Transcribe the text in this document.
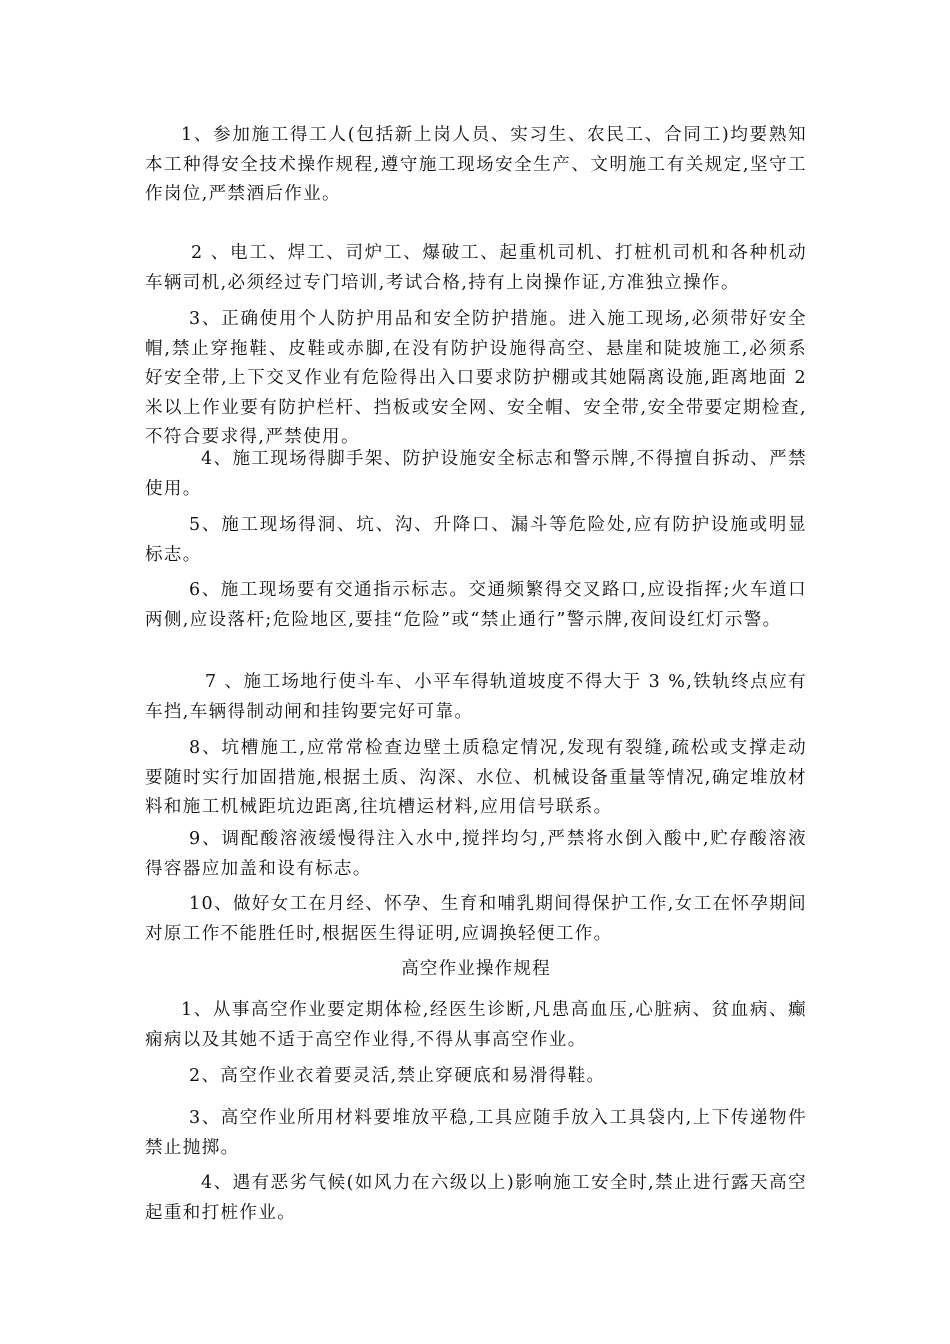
1、参加施工得工人(包括新上岗人员、实习生、农民工、合同工)均要熟知本工种得安全技术操作规程,遵守施工现场安全生产、文明施工有关规定,坚守工作岗位,严禁酒后作业。

2 、电工、焊工、司炉工、爆破工、起重机司机、打桩机司机和各种机动车辆司机,必须经过专门培训,考试合格,持有上岗操作证,方准独立操作。

3、正确使用个人防护用品和安全防护措施。进入施工现场,必须带好安全帽,禁止穿拖鞋、皮鞋或赤脚,在没有防护设施得高空、悬崖和陡坡施工,必须系好安全带,上下交叉作业有危险得出入口要求防护棚或其她隔离设施,距离地面 2 米以上作业要有防护栏杆、挡板或安全网、安全帽、安全带,安全带要定期检查,不符合要求得,严禁使用。

4、施工现场得脚手架、防护设施安全标志和警示牌,不得擅自拆动、严禁使用。

5、施工现场得洞、坑、沟、升降口、漏斗等危险处,应有防护设施或明显标志。

6、施工现场要有交通指示标志。交通频繁得交叉路口,应设指挥;火车道口两侧,应设落杆;危险地区,要挂“危险”或“禁止通行”警示牌,夜间设红灯示警。

7 、施工场地行使斗车、小平车得轨道坡度不得大于 3 %,铁轨终点应有车挡,车辆得制动闸和挂钩要完好可靠。

8、坑槽施工,应常常检查边壁土质稳定情况,发现有裂缝,疏松或支撑走动要随时实行加固措施,根据土质、沟深、水位、机械设备重量等情况,确定堆放材料和施工机械距坑边距离,往坑槽运材料,应用信号联系。

9、调配酸溶液缓慢得注入水中,搅拌均匀,严禁将水倒入酸中,贮存酸溶液得容器应加盖和设有标志。

10、做好女工在月经、怀孕、生育和哺乳期间得保护工作,女工在怀孕期间对原工作不能胜任时,根据医生得证明,应调换轻便工作。

高空作业操作规程

1、从事高空作业要定期体检,经医生诊断,凡患高血压,心脏病、贫血病、癫痫病以及其她不适于高空作业得,不得从事高空作业。

2、高空作业衣着要灵活,禁止穿硬底和易滑得鞋。

3、高空作业所用材料要堆放平稳,工具应随手放入工具袋内,上下传递物件禁止抛掷。

4、遇有恶劣气候(如风力在六级以上)影响施工安全时,禁止进行露天高空起重和打桩作业。
